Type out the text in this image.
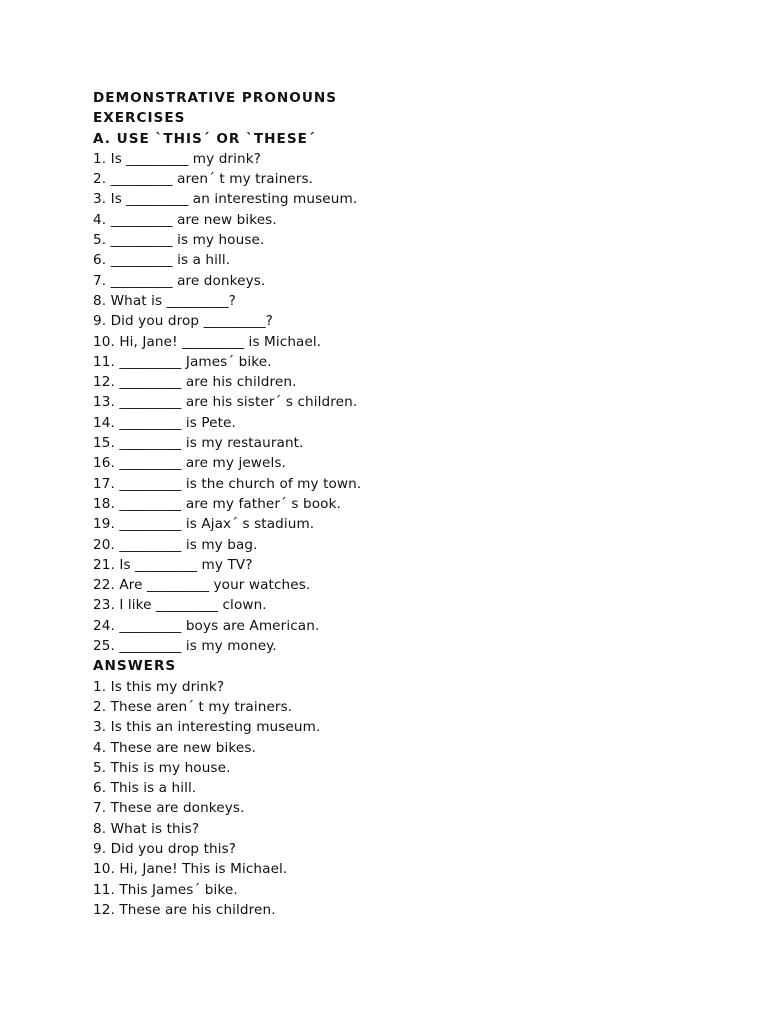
DEMONSTRATIVE PRONOUNS
EXERCISES
A. USE `THIS´ OR `THESE´
1. Is _________ my drink?
2. _________ aren´ t my trainers.
3. Is _________ an interesting museum.
4. _________ are new bikes.
5. _________ is my house.
6. _________ is a hill.
7. _________ are donkeys.
8. What is _________?
9. Did you drop _________?
10. Hi, Jane! _________ is Michael.
11. _________ James´ bike.
12. _________ are his children.
13. _________ are his sister´ s children.
14. _________ is Pete.
15. _________ is my restaurant.
16. _________ are my jewels.
17. _________ is the church of my town.
18. _________ are my father´ s book.
19. _________ is Ajax´ s stadium.
20. _________ is my bag.
21. Is _________ my TV?
22. Are _________ your watches.
23. I like _________ clown.
24. _________ boys are American.
25. _________ is my money.
ANSWERS
1. Is this my drink?
2. These aren´ t my trainers.
3. Is this an interesting museum.
4. These are new bikes.
5. This is my house.
6. This is a hill.
7. These are donkeys.
8. What is this?
9. Did you drop this?
10. Hi, Jane! This is Michael.
11. This James´ bike.
12. These are his children.
